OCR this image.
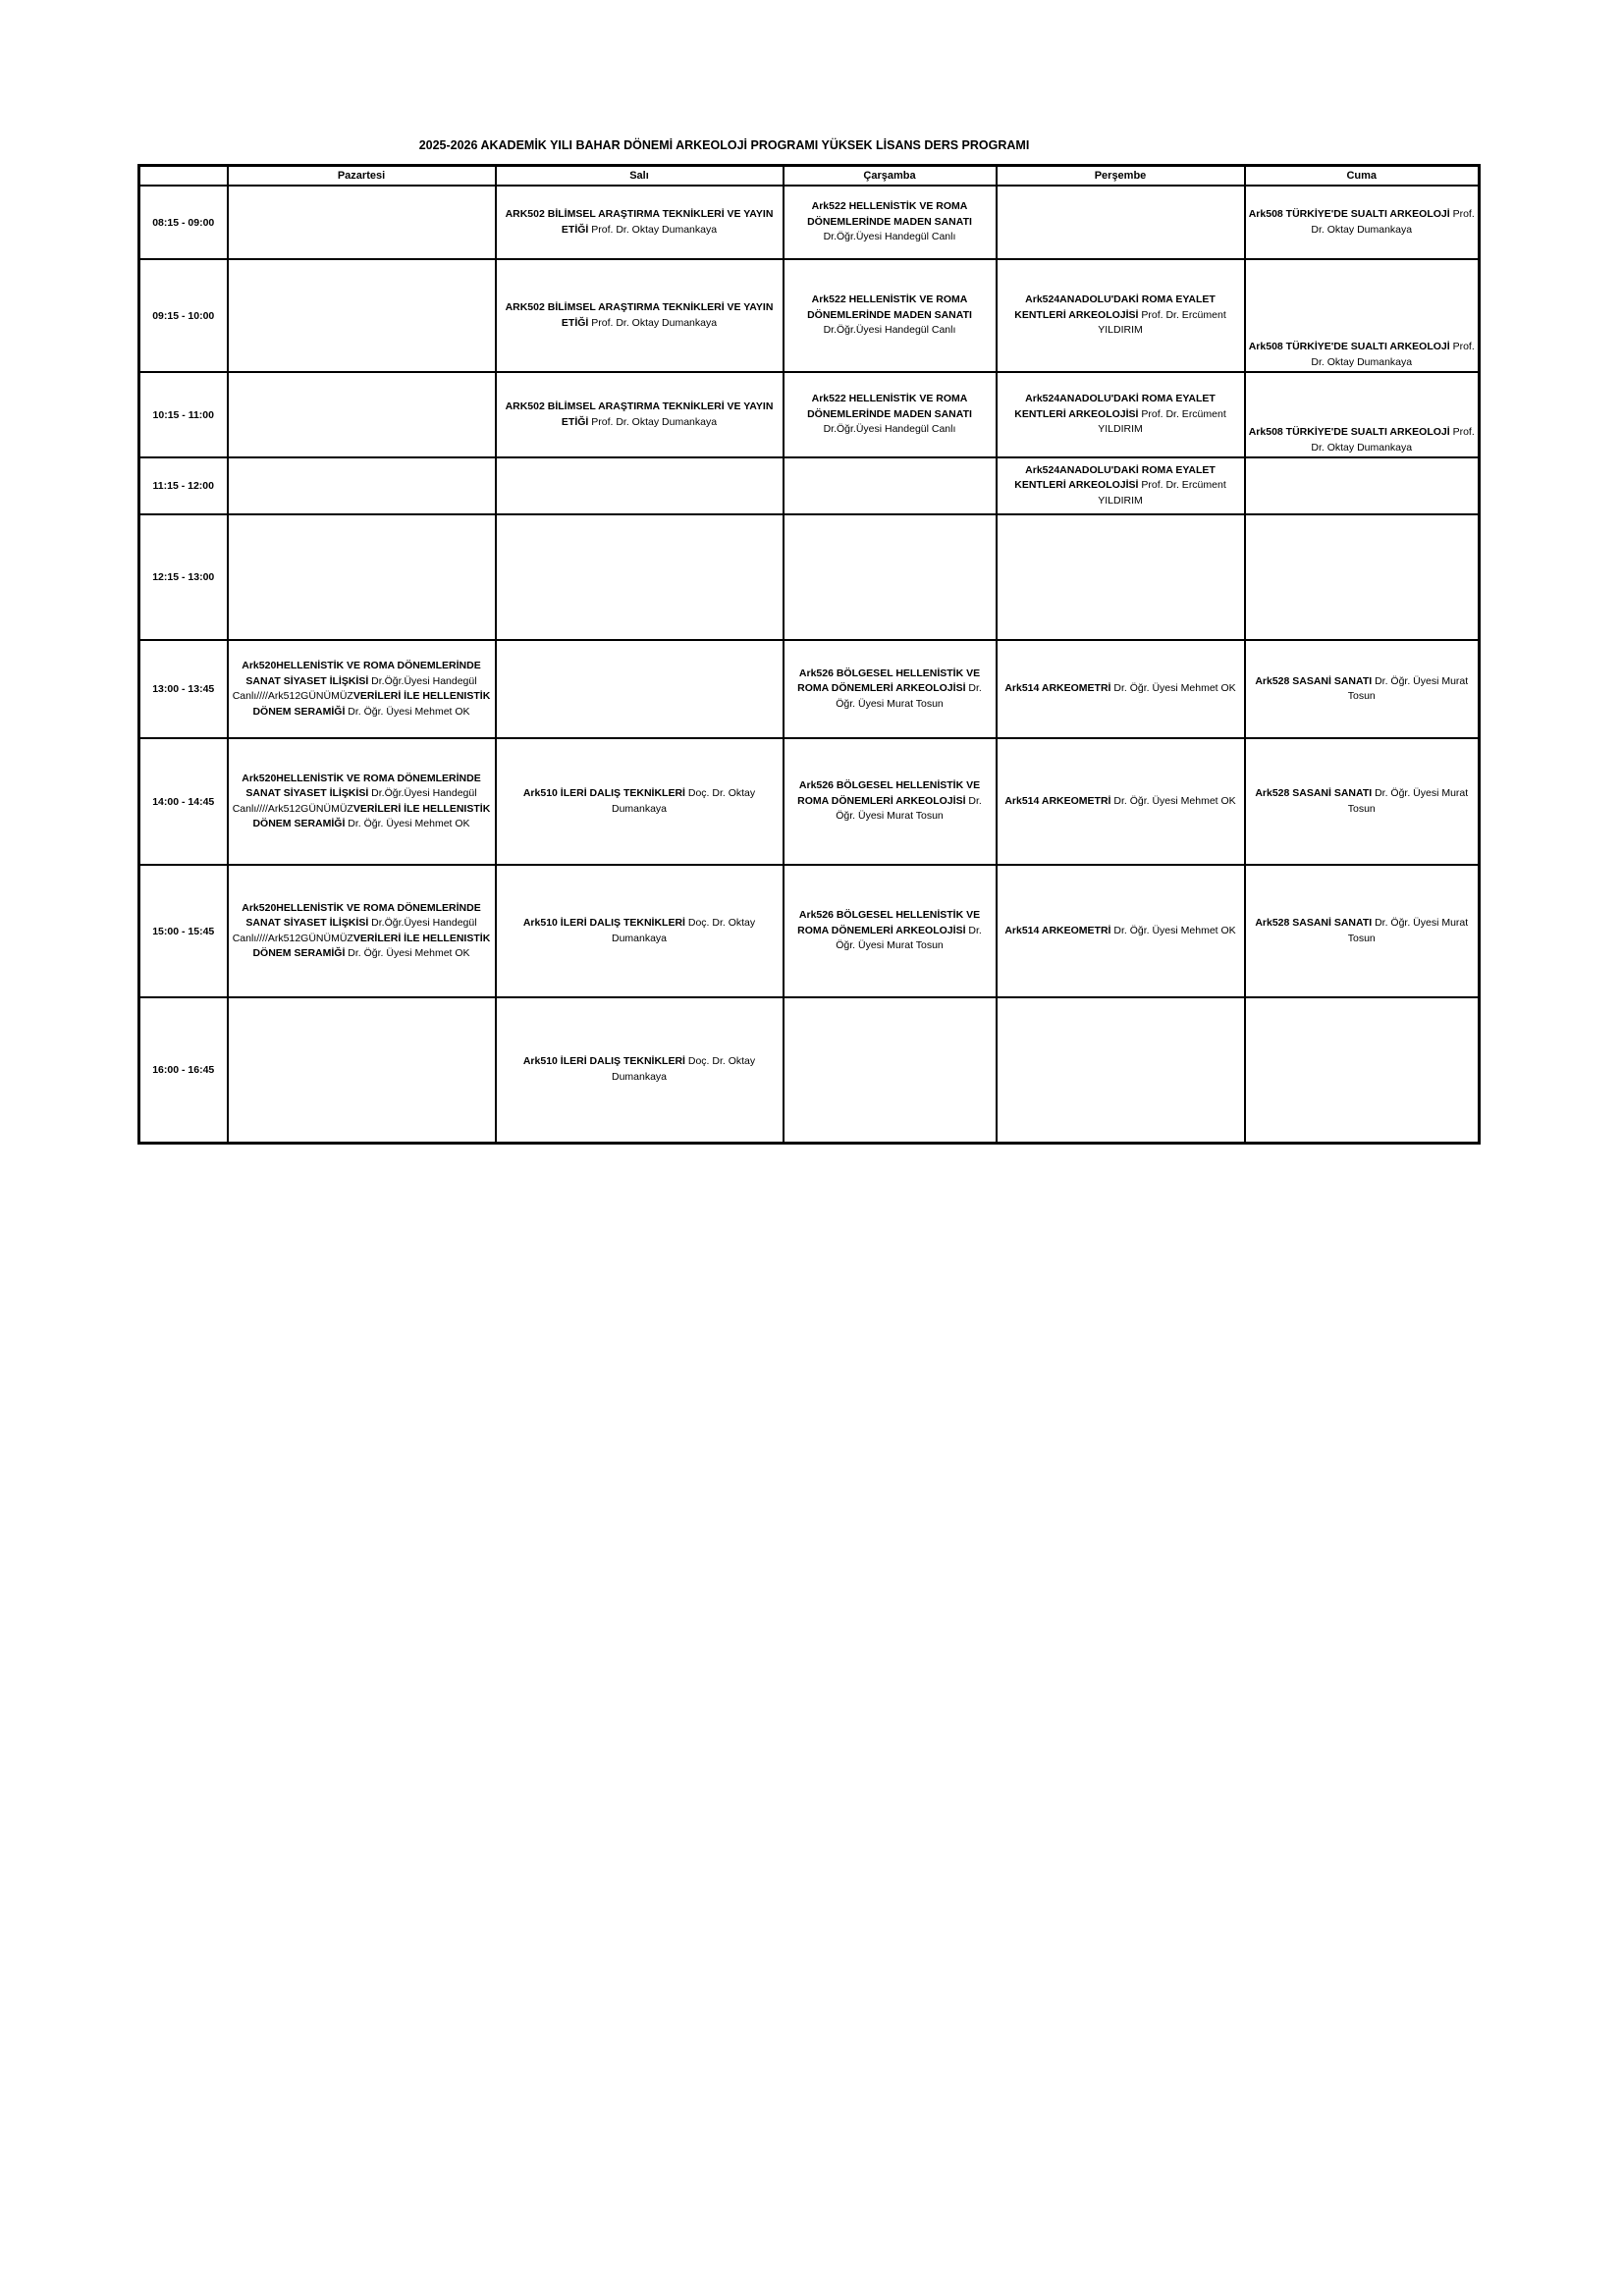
2025-2026 AKADEMİK YILI BAHAR DÖNEMİ ARKEOLOJİ PROGRAMI YÜKSEK LİSANS DERS PROGRAMI
	Pazartesi	Salı	Çarşamba	Perşembe	Cuma
08:15 - 09:00		ARK502 BİLİMSEL ARAŞTIRMA TEKNİKLERİ VE YAYIN ETİĞİ Prof. Dr. Oktay Dumankaya	Ark522 HELLENİSTİK VE ROMA DÖNEMLERİNDE MADEN SANATI Dr.Öğr.Üyesi Handegül Canlı		Ark508 TÜRKİYE'DE SUALTI ARKEOLOJİ Prof. Dr. Oktay Dumankaya
09:15 - 10:00		ARK502 BİLİMSEL ARAŞTIRMA TEKNİKLERİ VE YAYIN ETİĞİ Prof. Dr. Oktay Dumankaya	Ark522 HELLENİSTİK VE ROMA DÖNEMLERİNDE MADEN SANATI Dr.Öğr.Üyesi Handegül Canlı	Ark524ANADOLU'DAKİ ROMA EYALET KENTLERİ ARKEOLOJİSİ Prof. Dr. Ercüment YILDIRIM	Ark508 TÜRKİYE'DE SUALTI ARKEOLOJİ Prof. Dr. Oktay Dumankaya
10:15 - 11:00		ARK502 BİLİMSEL ARAŞTIRMA TEKNİKLERİ VE YAYIN ETİĞİ Prof. Dr. Oktay Dumankaya	Ark522 HELLENİSTİK VE ROMA DÖNEMLERİNDE MADEN SANATI Dr.Öğr.Üyesi Handegül Canlı	Ark524ANADOLU'DAKİ ROMA EYALET KENTLERİ ARKEOLOJİSİ Prof. Dr. Ercüment YILDIRIM	Ark508 TÜRKİYE'DE SUALTI ARKEOLOJİ Prof. Dr. Oktay Dumankaya
11:15 - 12:00				Ark524ANADOLU'DAKİ ROMA EYALET KENTLERİ ARKEOLOJİSİ Prof. Dr. Ercüment YILDIRIM	
12:15 - 13:00					
13:00 - 13:45	Ark520HELLENİSTİK VE ROMA DÖNEMLERİNDE SANAT SİYASET İLİŞKİSİ Dr.Öğr.Üyesi Handegül Canlı////Ark512GÜNÜMÜZVERİLERİ İLE HELLENISTİK DÖNEM SERAMİĞİ Dr. Öğr. Üyesi Mehmet OK		Ark526 BÖLGESEL HELLENİSTİK VE ROMA DÖNEMLERİ ARKEOLOJİSİ Dr. Öğr. Üyesi Murat Tosun	Ark514 ARKEOMETRİ Dr. Öğr. Üyesi Mehmet OK	Ark528 SASANİ SANATI Dr. Öğr. Üyesi Murat Tosun
14:00 - 14:45	Ark520HELLENİSTİK VE ROMA DÖNEMLERİNDE SANAT SİYASET İLİŞKİSİ Dr.Öğr.Üyesi Handegül Canlı////Ark512GÜNÜMÜZVERİLERİ İLE HELLENISTİK DÖNEM SERAMİĞİ Dr. Öğr. Üyesi Mehmet OK	Ark510 İLERİ DALIŞ TEKNİKLERİ Doç. Dr. Oktay Dumankaya	Ark526 BÖLGESEL HELLENİSTİK VE ROMA DÖNEMLERİ ARKEOLOJİSİ Dr. Öğr. Üyesi Murat Tosun	Ark514 ARKEOMETRİ Dr. Öğr. Üyesi Mehmet OK	Ark528 SASANİ SANATI Dr. Öğr. Üyesi Murat Tosun
15:00 - 15:45	Ark520HELLENİSTİK VE ROMA DÖNEMLERİNDE SANAT SİYASET İLİŞKİSİ Dr.Öğr.Üyesi Handegül Canlı////Ark512GÜNÜMÜZVERİLERİ İLE HELLENISTİK DÖNEM SERAMİĞİ Dr. Öğr. Üyesi Mehmet OK	Ark510 İLERİ DALIŞ TEKNİKLERİ Doç. Dr. Oktay Dumankaya	Ark526 BÖLGESEL HELLENİSTİK VE ROMA DÖNEMLERİ ARKEOLOJİSİ Dr. Öğr. Üyesi Murat Tosun	Ark514 ARKEOMETRİ Dr. Öğr. Üyesi Mehmet OK	Ark528 SASANİ SANATI Dr. Öğr. Üyesi Murat Tosun
16:00 - 16:45		Ark510 İLERİ DALIŞ TEKNİKLERİ Doç. Dr. Oktay Dumankaya			
